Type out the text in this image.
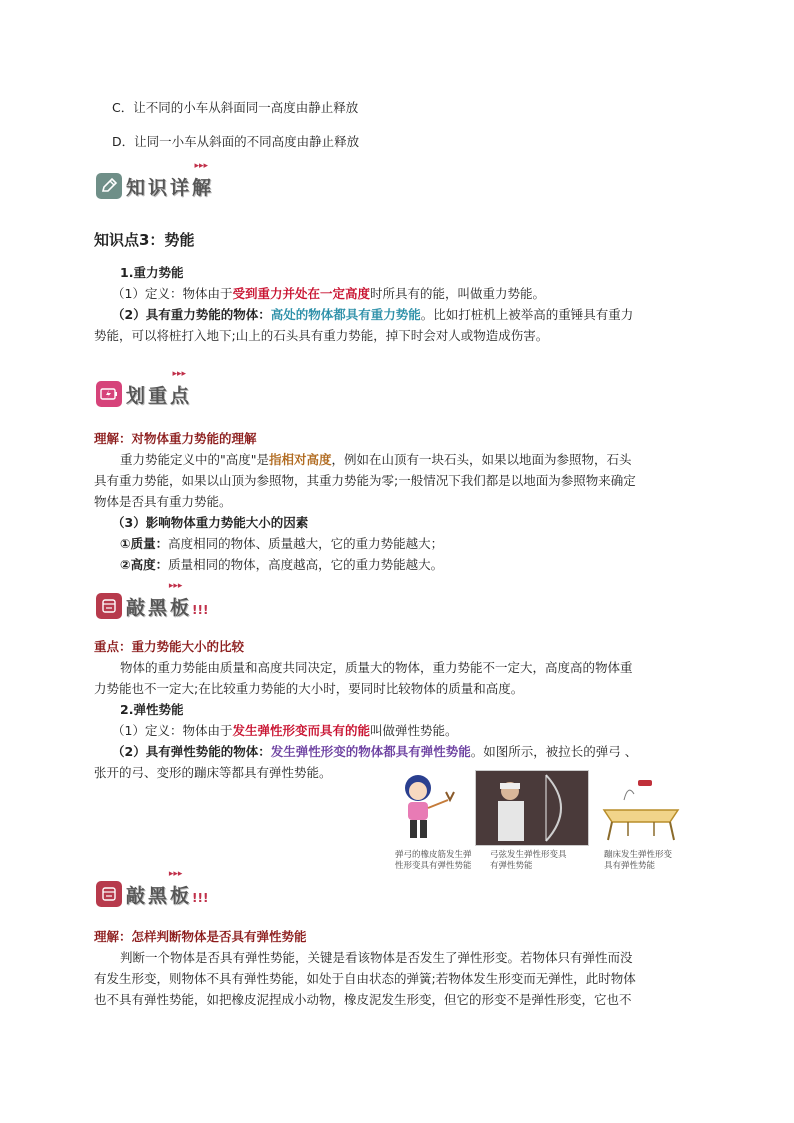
C．让不同的小车从斜面同一高度由静止释放
D．让同一小车从斜面的不同高度由静止释放
知识详解
▸▸▸
知识点3：势能
1.重力势能
（1）定义：物体由于受到重力并处在一定高度时所具有的能，叫做重力势能。
（2）具有重力势能的物体：高处的物体都具有重力势能。比如打桩机上被举高的重锤具有重力
势能，可以将桩打入地下;山上的石头具有重力势能，掉下时会对人或物造成伤害。
划重点
▸▸▸
理解：对物体重力势能的理解
重力势能定义中的"高度"是指相对高度，例如在山顶有一块石头，如果以地面为参照物，石头
具有重力势能，如果以山顶为参照物，其重力势能为零;一般情况下我们都是以地面为参照物来确定
物体是否具有重力势能。
（3）影响物体重力势能大小的因素
①质量：高度相同的物体、质量越大，它的重力势能越大；
②高度：质量相同的物体，高度越高，它的重力势能越大。
敲黑板!!!
▸▸▸
重点：重力势能大小的比较
物体的重力势能由质量和高度共同决定，质量大的物体，重力势能不一定大，高度高的物体重
力势能也不一定大;在比较重力势能的大小时，要同时比较物体的质量和高度。
2.弹性势能
（1）定义：物体由于发生弹性形变而具有的能叫做弹性势能。
（2）具有弹性势能的物体：发生弹性形变的物体都具有弹性势能。如图所示，被拉长的弹弓 、
张开的弓、变形的蹦床等都具有弹性势能。
弹弓的橡皮筋发生弹
性形变具有弹性势能
弓弦发生弹性形变具
有弹性势能
蹦床发生弹性形变
具有弹性势能
敲黑板!!!
▸▸▸
理解：怎样判断物体是否具有弹性势能
判断一个物体是否具有弹性势能，关键是看该物体是否发生了弹性形变。若物体只有弹性而没
有发生形变，则物体不具有弹性势能，如处于自由状态的弹簧;若物体发生形变而无弹性，此时物体
也不具有弹性势能，如把橡皮泥捏成小动物，橡皮泥发生形变，但它的形变不是弹性形变，它也不
